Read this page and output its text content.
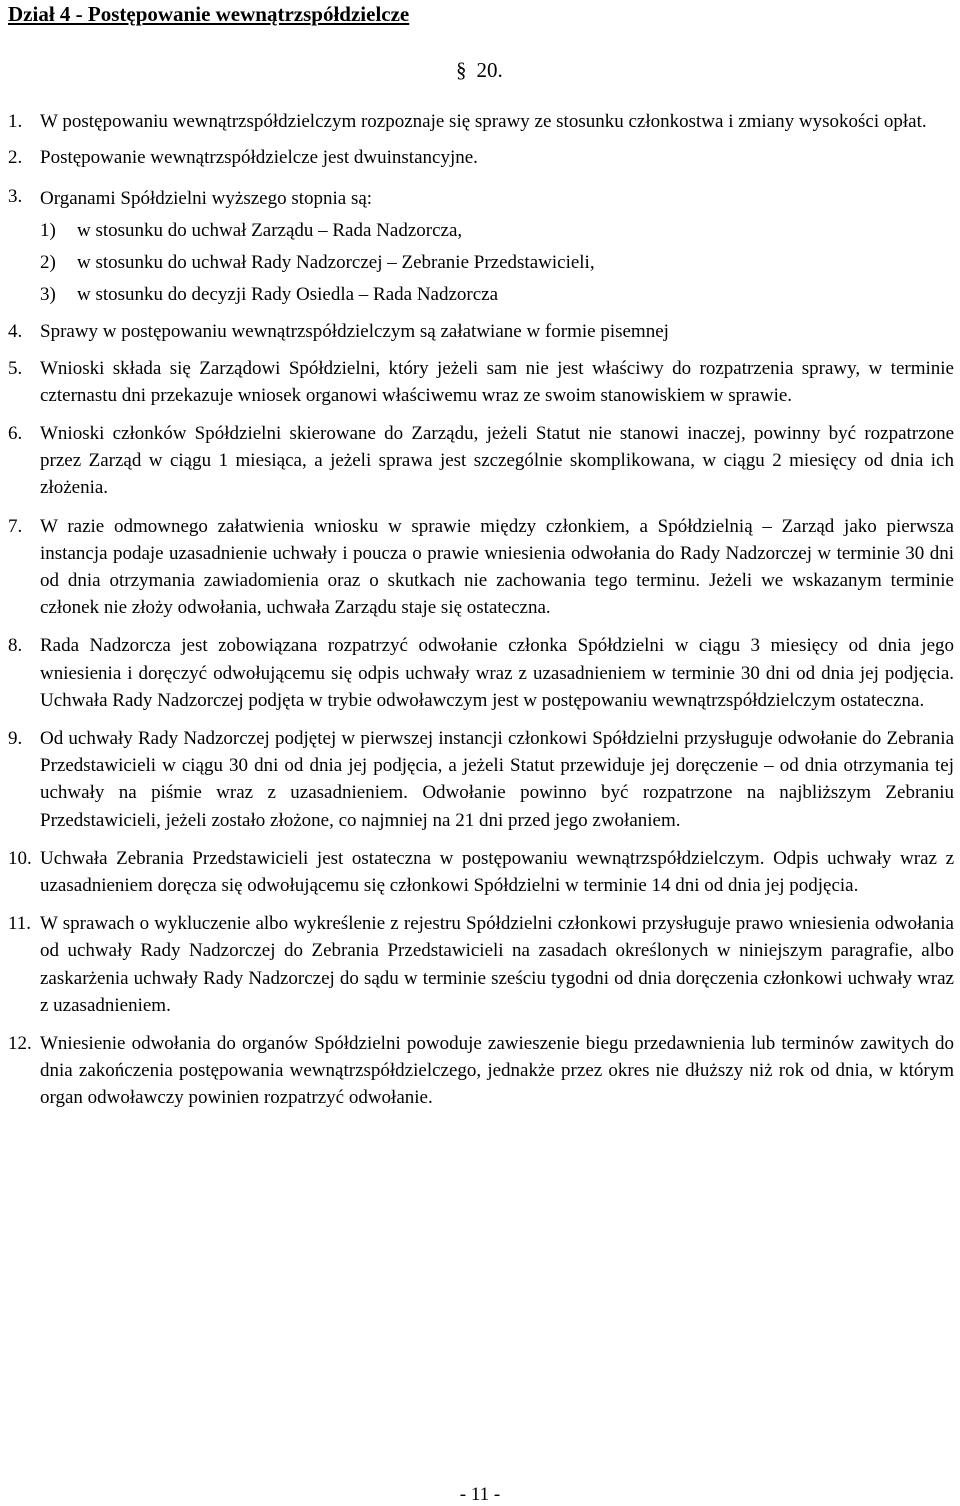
Dział 4 - Postępowanie wewnątrzspółdzielcze
§ 20.
1. W postępowaniu wewnątrzspółdzielczym rozpoznaje się sprawy ze stosunku członkostwa i zmiany wysokości opłat.
2. Postępowanie wewnątrzspółdzielcze jest dwuinstancyjne.
3. Organami Spółdzielni wyższego stopnia są:
1) w stosunku do uchwał Zarządu – Rada Nadzorcza,
2) w stosunku do uchwał Rady Nadzorczej – Zebranie Przedstawicieli,
3) w stosunku do decyzji Rady Osiedla – Rada Nadzorcza
4. Sprawy w postępowaniu wewnątrzspółdzielczym są załatwiane w formie pisemnej
5. Wnioski składa się Zarządowi Spółdzielni, który jeżeli sam nie jest właściwy do rozpatrzenia sprawy, w terminie czternastu dni przekazuje wniosek organowi właściwemu wraz ze swoim stanowiskiem w sprawie.
6. Wnioski członków Spółdzielni skierowane do Zarządu, jeżeli Statut nie stanowi inaczej, powinny być rozpatrzone przez Zarząd w ciągu 1 miesiąca, a jeżeli sprawa jest szczególnie skomplikowana, w ciągu 2 miesięcy od dnia ich złożenia.
7. W razie odmownego załatwienia wniosku w sprawie między członkiem, a Spółdzielnią – Zarząd jako pierwsza instancja podaje uzasadnienie uchwały i poucza o prawie wniesienia odwołania do Rady Nadzorczej w terminie 30 dni od dnia otrzymania zawiadomienia oraz o skutkach nie zachowania tego terminu. Jeżeli we wskazanym terminie członek nie złoży odwołania, uchwała Zarządu staje się ostateczna.
8. Rada Nadzorcza jest zobowiązana rozpatrzyć odwołanie członka Spółdzielni w ciągu 3 miesięcy od dnia jego wniesienia i doręczyć odwołującemu się odpis uchwały wraz z uzasadnieniem w terminie 30 dni od dnia jej podjęcia. Uchwała Rady Nadzorczej podjęta w trybie odwoławczym jest w postępowaniu wewnątrzspółdzielczym ostateczna.
9. Od uchwały Rady Nadzorczej podjętej w pierwszej instancji członkowi Spółdzielni przysługuje odwołanie do Zebrania Przedstawicieli w ciągu 30 dni od dnia jej podjęcia, a jeżeli Statut przewiduje jej doręczenie – od dnia otrzymania tej uchwały na piśmie wraz z uzasadnieniem. Odwołanie powinno być rozpatrzone na najbliższym Zebraniu Przedstawicieli, jeżeli zostało złożone, co najmniej na 21 dni przed jego zwołaniem.
10. Uchwała Zebrania Przedstawicieli jest ostateczna w postępowaniu wewnątrzspółdzielczym. Odpis uchwały wraz z uzasadnieniem doręcza się odwołującemu się członkowi Spółdzielni w terminie 14 dni od dnia jej podjęcia.
11. W sprawach o wykluczenie albo wykreślenie z rejestru Spółdzielni członkowi przysługuje prawo wniesienia odwołania od uchwały Rady Nadzorczej do Zebrania Przedstawicieli na zasadach określonych w niniejszym paragrafie, albo zaskarżenia uchwały Rady Nadzorczej do sądu w terminie sześciu tygodni od dnia doręczenia członkowi uchwały wraz z uzasadnieniem.
12. Wniesienie odwołania do organów Spółdzielni powoduje zawieszenie biegu przedawnienia lub terminów zawitych do dnia zakończenia postępowania wewnątrzspółdzielczego, jednakże przez okres nie dłuższy niż rok od dnia, w którym organ odwoławczy powinien rozpatrzyć odwołanie.
- 11 -
